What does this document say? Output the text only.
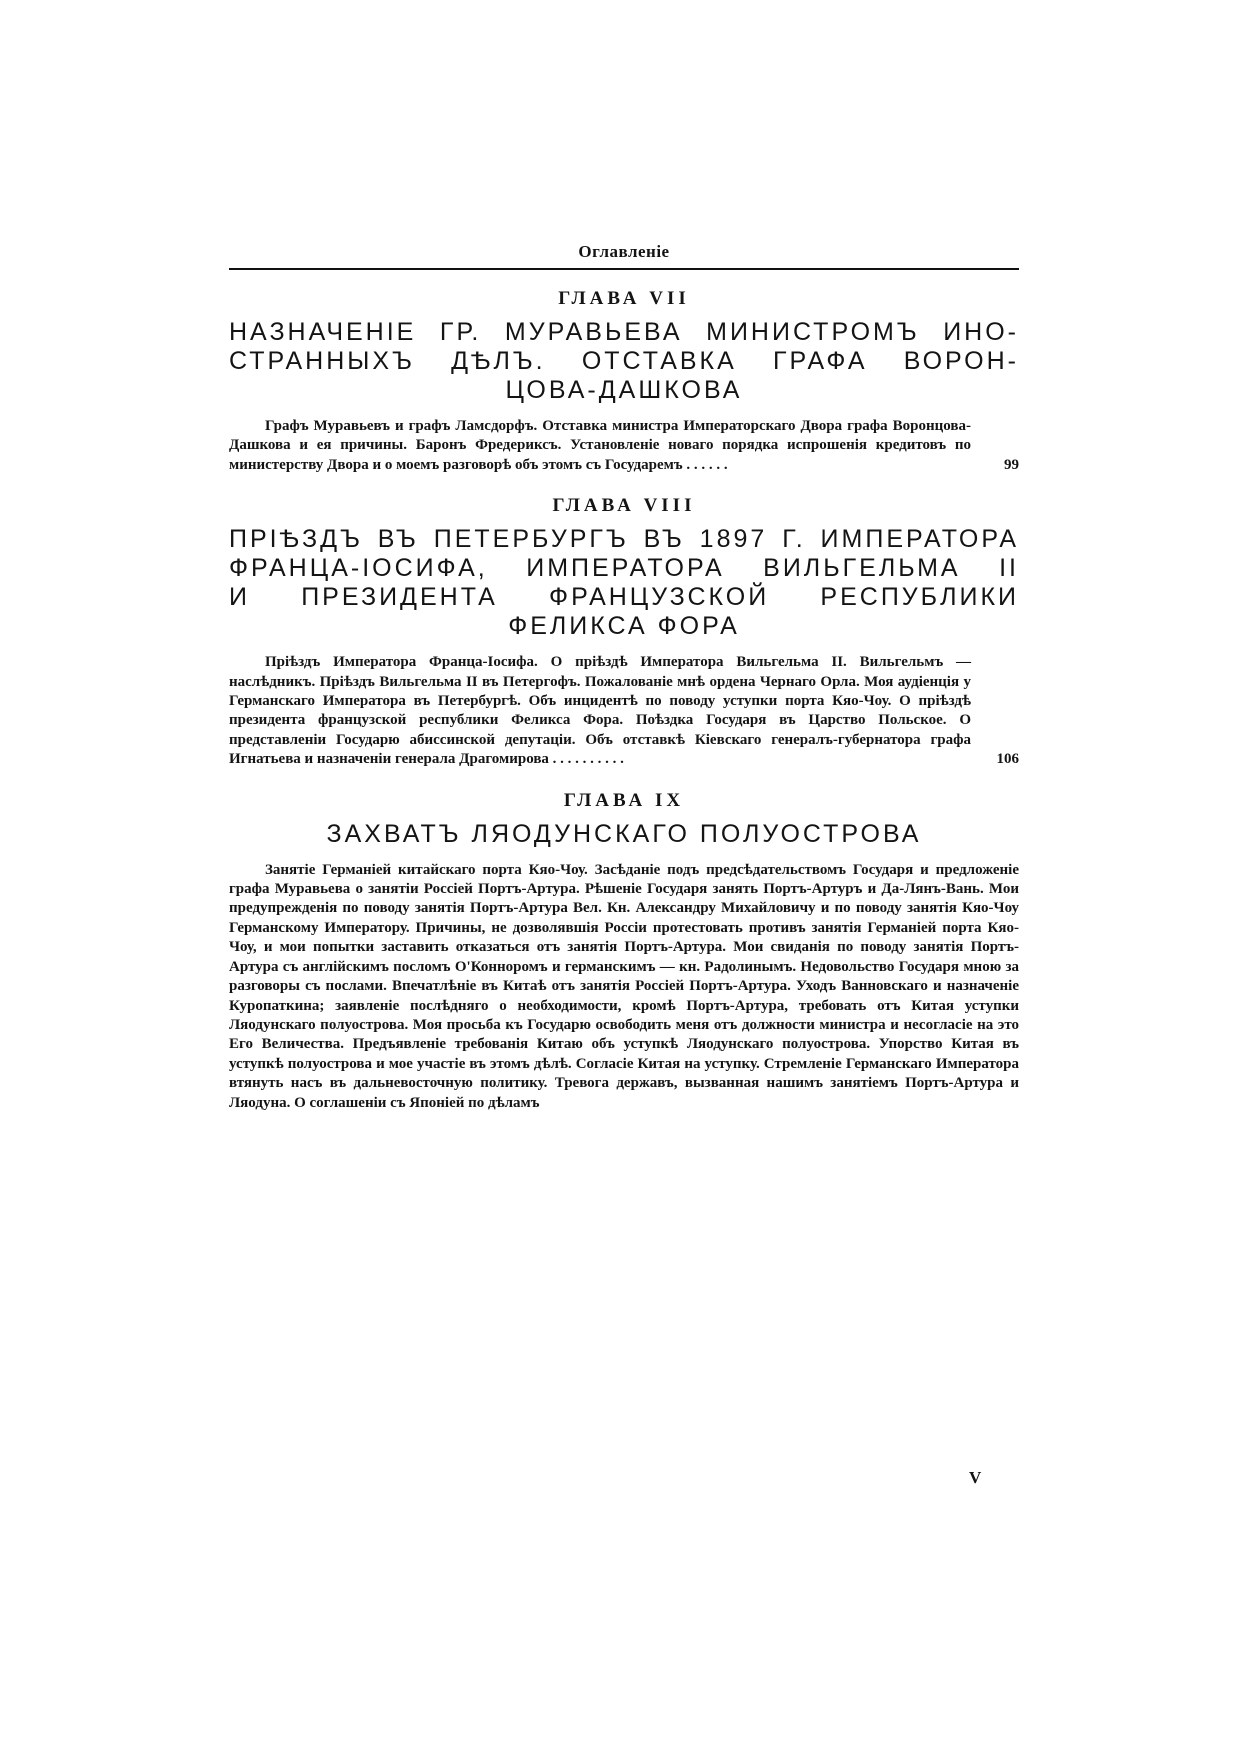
Оглавленіе
ГЛАВА VII
НАЗНАЧЕНІЕ ГР. МУРАВЬЕВА МИНИСТРОМЪ ИНО-
СТРАННЫХЪ ДѢЛЪ. ОТСТАВКА ГРАФА ВОРОН-
ЦОВА-ДАШКОВА
Графъ Муравьевъ и графъ Ламсдорфъ. Отставка министра Императорскаго Двора графа Воронцова-Дашкова и ея причины. Баронъ Фредериксъ. Установленіе новаго порядка испрошенія кредитовъ по министерству Двора и о моемъ разговорѣ объ этомъ съ Государемъ . . . . . .	99
ГЛАВА VIII
ПРІѢЗДЪ ВЪ ПЕТЕРБУРГЪ ВЪ 1897 Г. ИМПЕРАТОРА
ФРАНЦА-ІОСИФА, ИМПЕРАТОРА ВИЛЬГЕЛЬМА II
И ПРЕЗИДЕНТА ФРАНЦУЗСКОЙ РЕСПУБЛИКИ
ФЕЛИКСА ФОРА
Пріѣздъ Императора Франца-Іосифа. О пріѣздѣ Императора Вильгельма II. Вильгельмъ — наслѣдникъ. Пріѣздъ Вильгельма II въ Петергофъ. Пожалованіе мнѣ ордена Чернаго Орла. Моя аудіенція у Германскаго Императора въ Петербургѣ. Объ инцидентѣ по поводу уступки порта Кяо-Чоу. О пріѣздѣ президента французской республики Феликса Фора. Поѣздка Государя въ Царство Польское. О представленіи Государю абиссинской депутаціи. Объ отставкѣ Кіевскаго генералъ-губернатора графа Игнатьева и назначеніи генерала Драгомирова . . . . . . . . . .	106
ГЛАВА IX
ЗАХВАТЪ ЛЯОДУНСКАГО ПОЛУОСТРОВА
Занятіе Германіей китайскаго порта Кяо-Чоу. Засѣданіе подъ предсѣдательствомъ Государя и предложеніе графа Муравьева о занятіи Россіей Портъ-Артура. Рѣшеніе Государя занять Портъ-Артуръ и Да-Лянъ-Вань. Мои предупрежденія по поводу занятія Портъ-Артура Вел. Кн. Александру Михайловичу и по поводу занятія Кяо-Чоу Германскому Императору. Причины, не дозволявшія Россіи протестовать противъ занятія Германіей порта Кяо-Чоу, и мои попытки заставить отказаться отъ занятія Портъ-Артура. Мои свиданія по поводу занятія Портъ-Артура съ англійскимъ посломъ О'Конноромъ и германскимъ — кн. Радолинымъ. Недовольство Государя мною за разговоры съ послами. Впечатлѣніе въ Китаѣ отъ занятія Россіей Портъ-Артура. Уходъ Ванновскаго и назначеніе Куропаткина; заявленіе послѣдняго о необходимости, кромѣ Портъ-Артура, требовать отъ Китая уступки Ляодунскаго полуострова. Моя просьба къ Государю освободить меня отъ должности министра и несогласіе на это Его Величества. Предъявленіе требованія Китаю объ уступкѣ Ляодунскаго полуострова. Упорство Китая въ уступкѣ полуострова и мое участіе въ этомъ дѣлѣ. Согласіе Китая на уступку. Стремленіе Германскаго Императора втянуть насъ въ дальневосточную политику. Тревога державъ, вызванная нашимъ занятіемъ Портъ-Артура и Ляодуна. О соглашеніи съ Японіей по дѣламъ
V
